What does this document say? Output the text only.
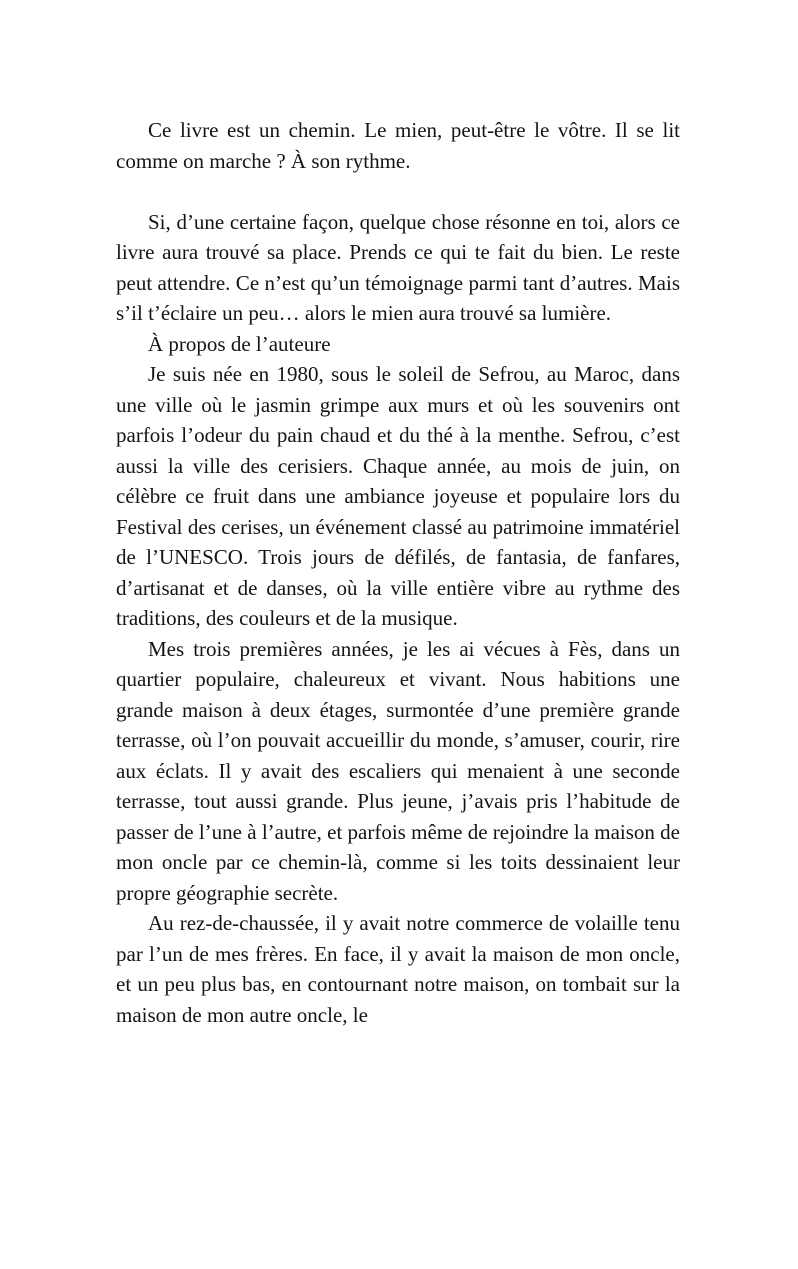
Ce livre est un chemin. Le mien, peut-être le vôtre. Il se lit comme on marche ? À son rythme.

Si, d’une certaine façon, quelque chose résonne en toi, alors ce livre aura trouvé sa place. Prends ce qui te fait du bien. Le reste peut attendre. Ce n’est qu’un témoignage parmi tant d’autres. Mais s’il t’éclaire un peu… alors le mien aura trouvé sa lumière.

À propos de l’auteure

Je suis née en 1980, sous le soleil de Sefrou, au Maroc, dans une ville où le jasmin grimpe aux murs et où les souvenirs ont parfois l’odeur du pain chaud et du thé à la menthe. Sefrou, c’est aussi la ville des cerisiers. Chaque année, au mois de juin, on célèbre ce fruit dans une ambiance joyeuse et populaire lors du Festival des cerises, un événement classé au patrimoine immatériel de l’UNESCO. Trois jours de défilés, de fantasia, de fanfares, d’artisanat et de danses, où la ville entière vibre au rythme des traditions, des couleurs et de la musique.

Mes trois premières années, je les ai vécues à Fès, dans un quartier populaire, chaleureux et vivant. Nous habitions une grande maison à deux étages, surmontée d’une première grande terrasse, où l’on pouvait accueillir du monde, s’amuser, courir, rire aux éclats. Il y avait des escaliers qui menaient à une seconde terrasse, tout aussi grande. Plus jeune, j’avais pris l’habitude de passer de l’une à l’autre, et parfois même de rejoindre la maison de mon oncle par ce chemin-là, comme si les toits dessinaient leur propre géographie secrète.

Au rez-de-chaussée, il y avait notre commerce de volaille tenu par l’un de mes frères. En face, il y avait la maison de mon oncle, et un peu plus bas, en contournant notre maison, on tombait sur la maison de mon autre oncle, le
